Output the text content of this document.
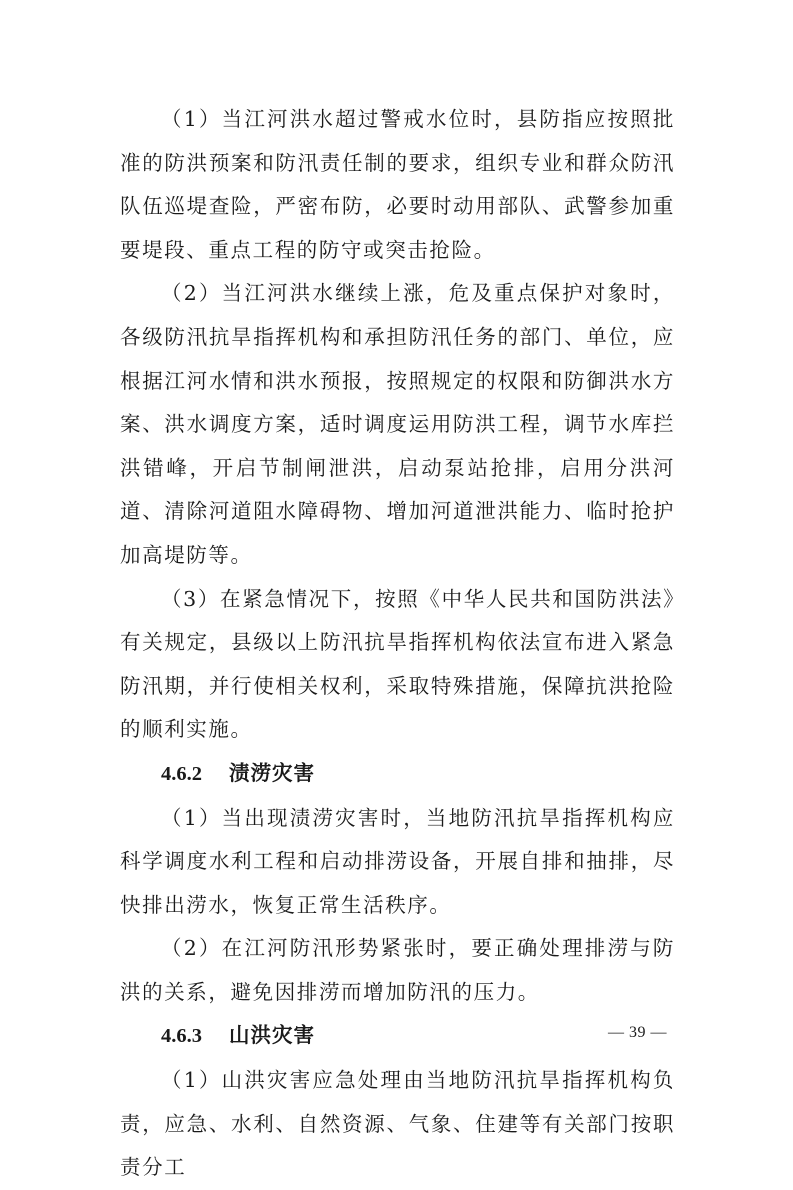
（1）当江河洪水超过警戒水位时，县防指应按照批准的防洪预案和防汛责任制的要求，组织专业和群众防汛队伍巡堤查险，严密布防，必要时动用部队、武警参加重要堤段、重点工程的防守或突击抢险。

（2）当江河洪水继续上涨，危及重点保护对象时，各级防汛抗旱指挥机构和承担防汛任务的部门、单位，应根据江河水情和洪水预报，按照规定的权限和防御洪水方案、洪水调度方案，适时调度运用防洪工程，调节水库拦洪错峰，开启节制闸泄洪，启动泵站抢排，启用分洪河道、清除河道阻水障碍物、增加河道泄洪能力、临时抢护加高堤防等。

（3）在紧急情况下，按照《中华人民共和国防洪法》有关规定，县级以上防汛抗旱指挥机构依法宣布进入紧急防汛期，并行使相关权利，采取特殊措施，保障抗洪抢险的顺利实施。

4.6.2 渍涝灾害

（1）当出现渍涝灾害时，当地防汛抗旱指挥机构应科学调度水利工程和启动排涝设备，开展自排和抽排，尽快排出涝水，恢复正常生活秩序。

（2）在江河防汛形势紧张时，要正确处理排涝与防洪的关系，避免因排涝而增加防汛的压力。

4.6.3 山洪灾害

（1）山洪灾害应急处理由当地防汛抗旱指挥机构负责，应急、水利、自然资源、气象、住建等有关部门按职责分工

— 39 —
